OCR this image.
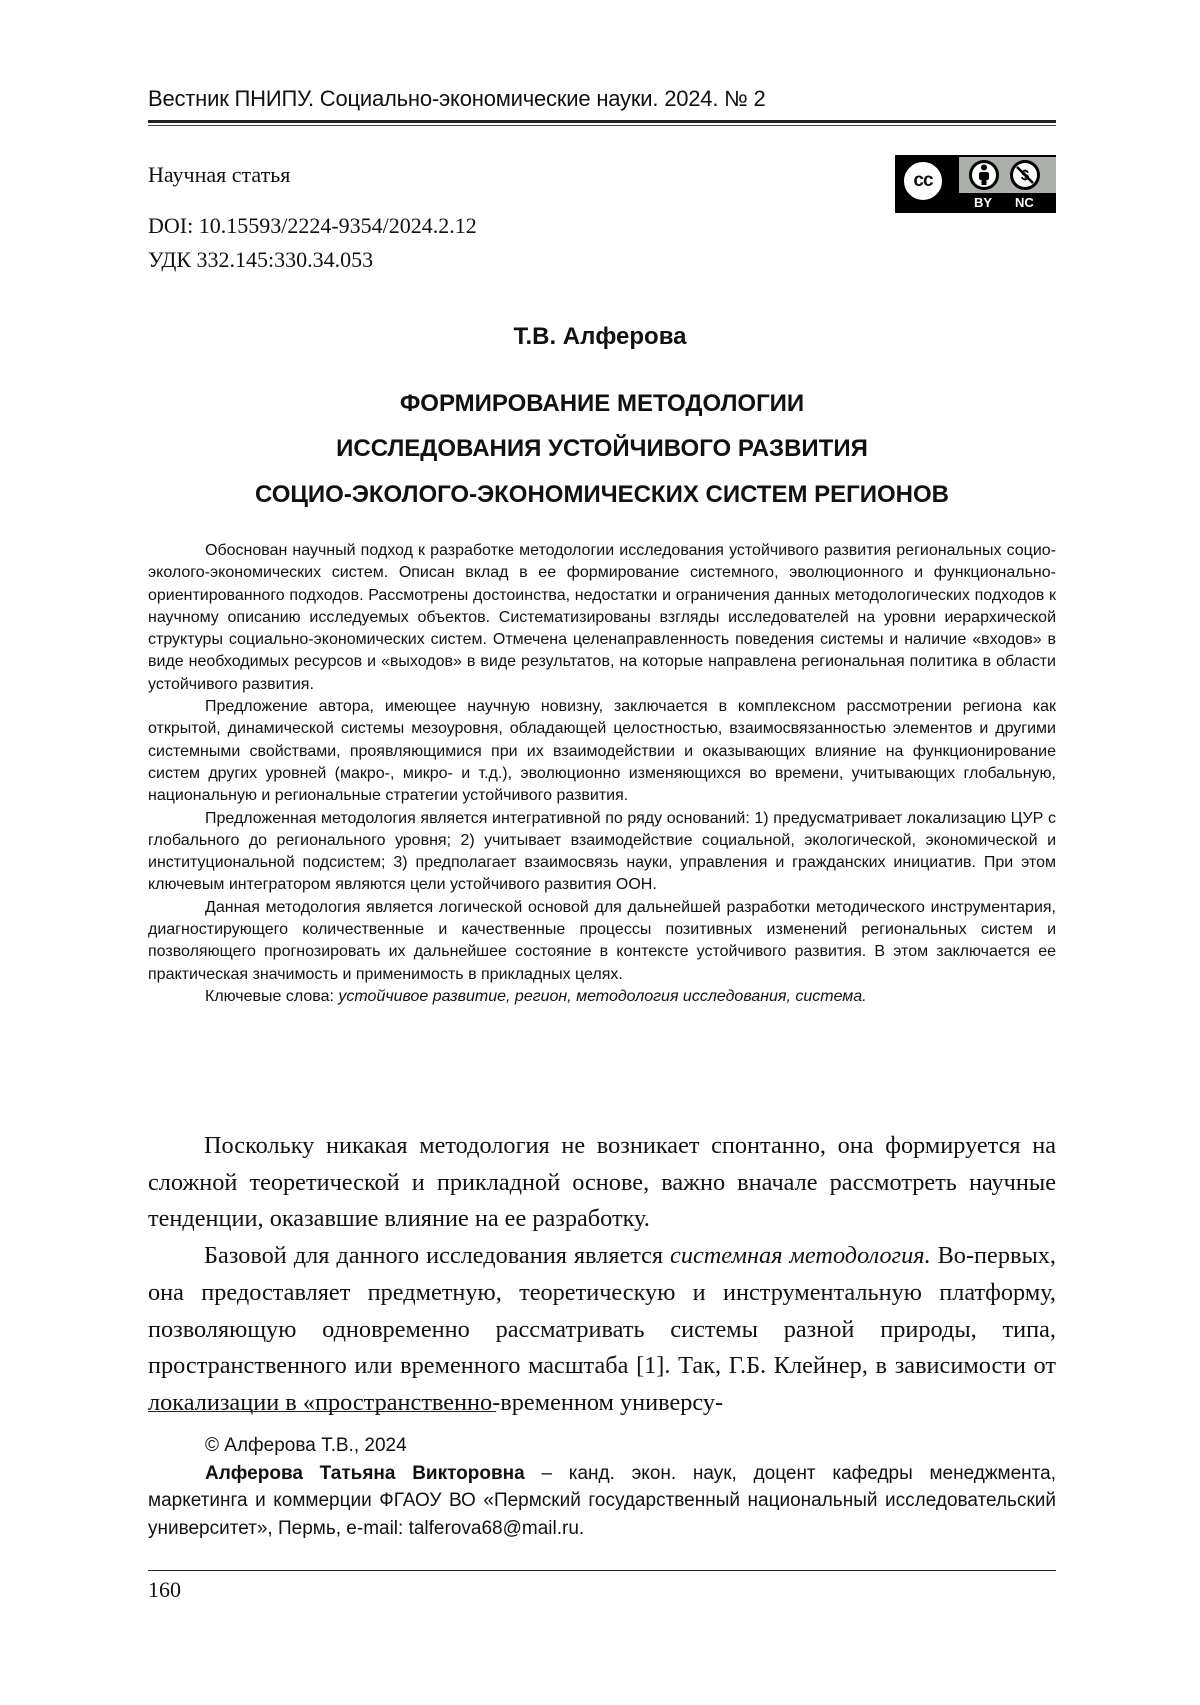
Вестник ПНИПУ. Социально-экономические науки. 2024. № 2
Научная статья
DOI: 10.15593/2224-9354/2024.2.12
УДК 332.145:330.34.053
cc
BY NC
Т.В. Алферова
ФОРМИРОВАНИЕ МЕТОДОЛОГИИ
ИССЛЕДОВАНИЯ УСТОЙЧИВОГО РАЗВИТИЯ
СОЦИО-ЭКОЛОГО-ЭКОНОМИЧЕСКИХ СИСТЕМ РЕГИОНОВ

Обоснован научный подход к разработке методологии исследования устойчивого развития региональных социо-эколого-экономических систем. Описан вклад в ее формирование системного, эволюционного и функционально-ориентированного подходов. Рассмотрены достоинства, недостатки и ограничения данных методологических подходов к научному описанию исследуемых объектов. Систематизированы взгляды исследователей на уровни иерархической структуры социально-экономических систем. Отмечена целенаправленность поведения системы и наличие «входов» в виде необходимых ресурсов и «выходов» в виде результатов, на которые направлена региональная политика в области устойчивого развития.

Предложение автора, имеющее научную новизну, заключается в комплексном рассмотрении региона как открытой, динамической системы мезоуровня, обладающей целостностью, взаимосвязанностью элементов и другими системными свойствами, проявляющимися при их взаимодействии и оказывающих влияние на функционирование систем других уровней (макро-, микро- и т.д.), эволюционно изменяющихся во времени, учитывающих глобальную, национальную и региональные стратегии устойчивого развития.

Предложенная методология является интегративной по ряду оснований: 1) предусматривает локализацию ЦУР с глобального до регионального уровня; 2) учитывает взаимодействие социальной, экологической, экономической и институциональной подсистем; 3) предполагает взаимосвязь науки, управления и гражданских инициатив. При этом ключевым интегратором являются цели устойчивого развития ООН.

Данная методология является логической основой для дальнейшей разработки методического инструментария, диагностирующего количественные и качественные процессы позитивных изменений региональных систем и позволяющего прогнозировать их дальнейшее состояние в контексте устойчивого развития. В этом заключается ее практическая значимость и применимость в прикладных целях.

Ключевые слова: устойчивое развитие, регион, методология исследования, система.

Поскольку никакая методология не возникает спонтанно, она формируется на сложной теоретической и прикладной основе, важно вначале рассмотреть научные тенденции, оказавшие влияние на ее разработку.

Базовой для данного исследования является системная методология. Во-первых, она предоставляет предметную, теоретическую и инструментальную платформу, позволяющую одновременно рассматривать системы разной природы, типа, пространственного или временного масштаба [1]. Так, Г.Б. Клейнер, в зависимости от локализации в «пространственно-временном универсу-

© Алферова Т.В., 2024

Алферова Татьяна Викторовна – канд. экон. наук, доцент кафедры менеджмента, маркетинга и коммерции ФГАОУ ВО «Пермский государственный национальный исследовательский университет», Пермь, e-mail: talferova68@mail.ru.

160
